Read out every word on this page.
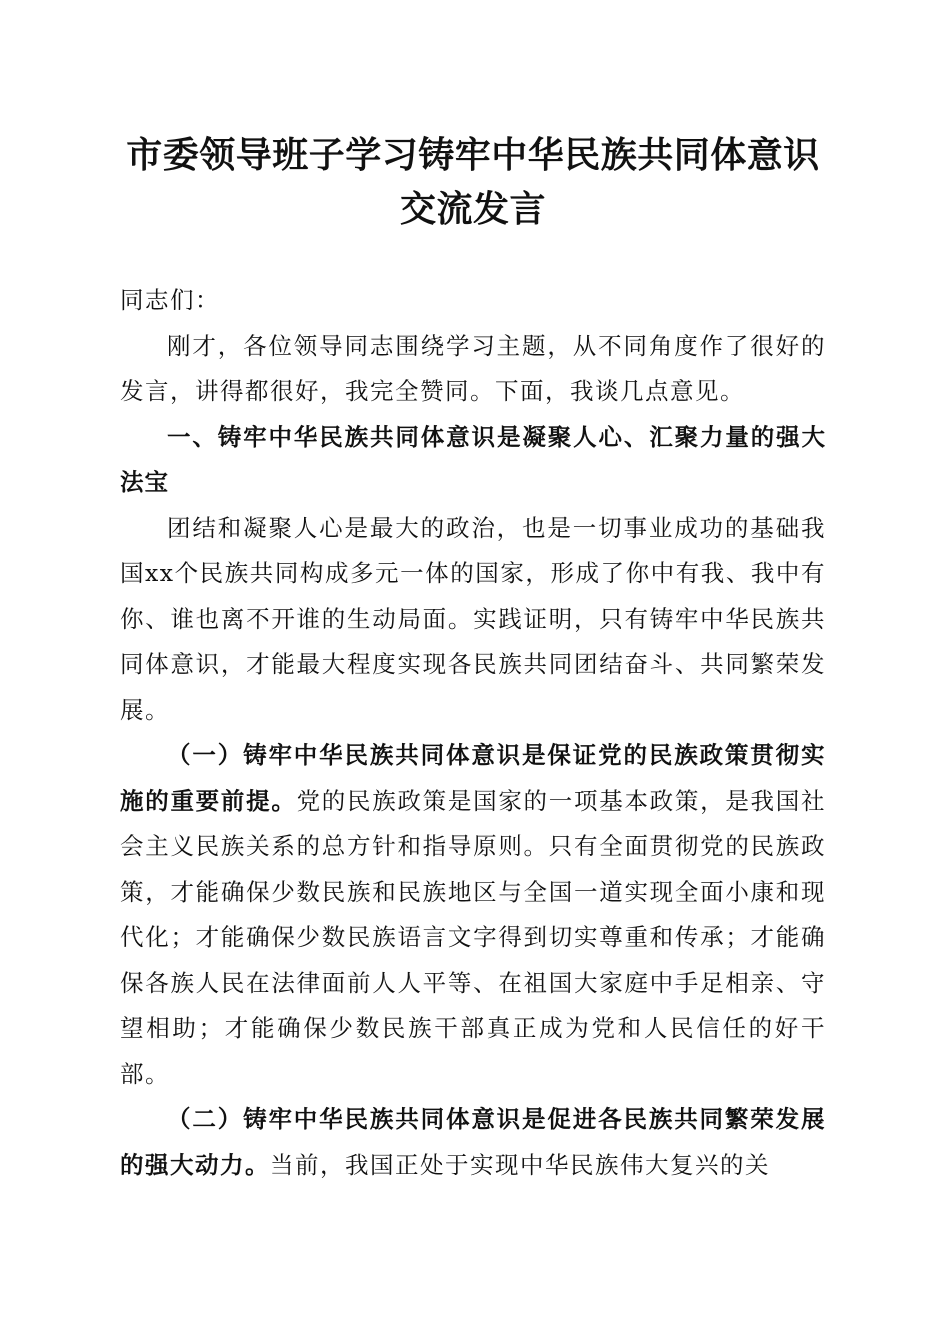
市委领导班子学习铸牢中华民族共同体意识交流发言

同志们：

刚才，各位领导同志围绕学习主题，从不同角度作了很好的发言，讲得都很好，我完全赞同。下面，我谈几点意见。

一、铸牢中华民族共同体意识是凝聚人心、汇聚力量的强大法宝

团结和凝聚人心是最大的政治，也是一切事业成功的基础我国xx个民族共同构成多元一体的国家，形成了你中有我、我中有你、谁也离不开谁的生动局面。实践证明，只有铸牢中华民族共同体意识，才能最大程度实现各民族共同团结奋斗、共同繁荣发展。

（一）铸牢中华民族共同体意识是保证党的民族政策贯彻实施的重要前提。党的民族政策是国家的一项基本政策，是我国社会主义民族关系的总方针和指导原则。只有全面贯彻党的民族政策，才能确保少数民族和民族地区与全国一道实现全面小康和现代化；才能确保少数民族语言文字得到切实尊重和传承；才能确保各族人民在法律面前人人平等、在祖国大家庭中手足相亲、守望相助；才能确保少数民族干部真正成为党和人民信任的好干部。

（二）铸牢中华民族共同体意识是促进各民族共同繁荣发展的强大动力。当前，我国正处于实现中华民族伟大复兴的关
